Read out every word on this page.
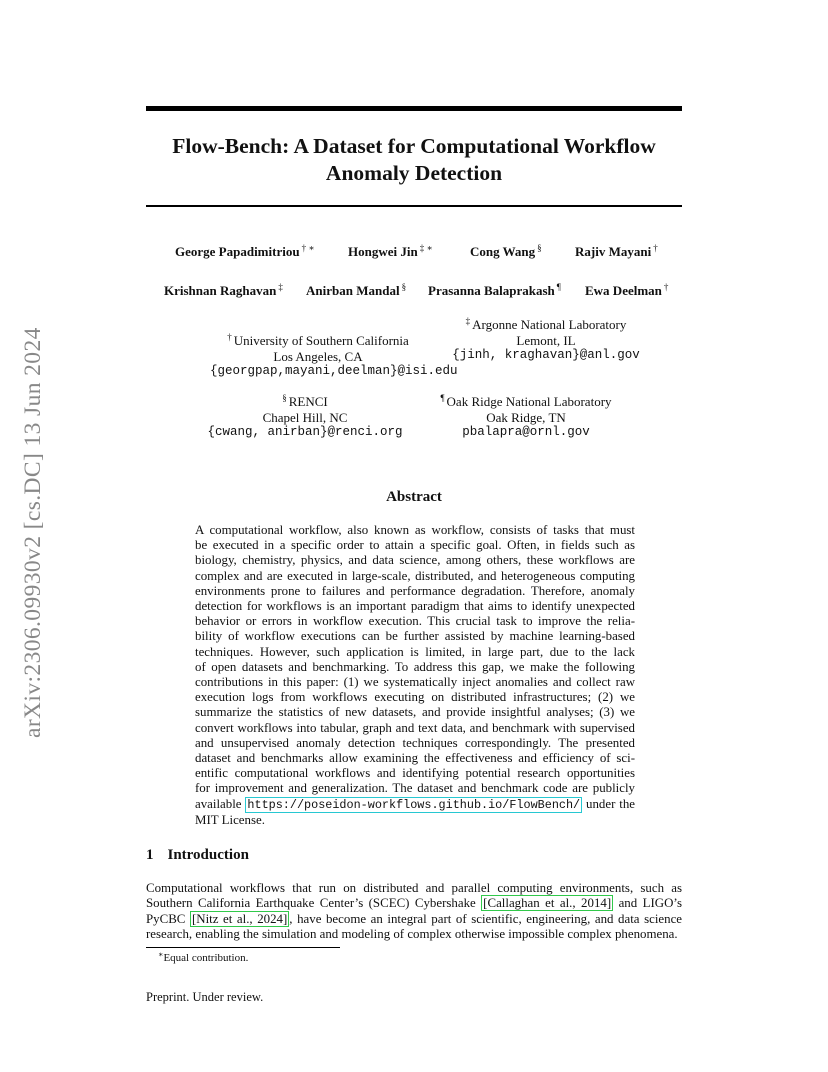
arXiv:2306.09930v2 [cs.DC] 13 Jun 2024
Flow-Bench: A Dataset for Computational Workflow
Anomaly Detection
George Papadimitriou † ∗	Hongwei Jin ‡ ∗	Cong Wang §	Rajiv Mayani †
Krishnan Raghavan ‡ Anirban Mandal § Prasanna Balaprakash ¶ Ewa Deelman †
† University of Southern California
Los Angeles, CA
{georgpap,mayani,deelman}@isi.edu
‡ Argonne National Laboratory
Lemont, IL
{jinh, kraghavan}@anl.gov
§ RENCI
Chapel Hill, NC
{cwang, anirban}@renci.org
¶ Oak Ridge National Laboratory
Oak Ridge, TN
pbalapra@ornl.gov
Abstract
A computational workflow, also known as workflow, consists of tasks that must
be executed in a specific order to attain a specific goal. Often, in fields such as
biology, chemistry, physics, and data science, among others, these workflows are
complex and are executed in large-scale, distributed, and heterogeneous computing
environments prone to failures and performance degradation. Therefore, anomaly
detection for workflows is an important paradigm that aims to identify unexpected
behavior or errors in workflow execution. This crucial task to improve the relia-
bility of workflow executions can be further assisted by machine learning-based
techniques. However, such application is limited, in large part, due to the lack
of open datasets and benchmarking. To address this gap, we make the following
contributions in this paper: (1) we systematically inject anomalies and collect raw
execution logs from workflows executing on distributed infrastructures; (2) we
summarize the statistics of new datasets, and provide insightful analyses; (3) we
convert workflows into tabular, graph and text data, and benchmark with supervised
and unsupervised anomaly detection techniques correspondingly. The presented
dataset and benchmarks allow examining the effectiveness and efficiency of sci-
entific computational workflows and identifying potential research opportunities
for improvement and generalization. The dataset and benchmark code are publicly
available https://poseidon-workflows.github.io/FlowBench/ under the
MIT License.
1 Introduction
Computational workflows that run on distributed and parallel computing environments, such as
Southern California Earthquake Center’s (SCEC) Cybershake [Callaghan et al., 2014] and LIGO’s
PyCBC [Nitz et al., 2024] , have become an integral part of scientific, engineering, and data science
research, enabling the simulation and modeling of complex otherwise impossible complex phenomena.
∗Equal contribution.
Preprint. Under review.
